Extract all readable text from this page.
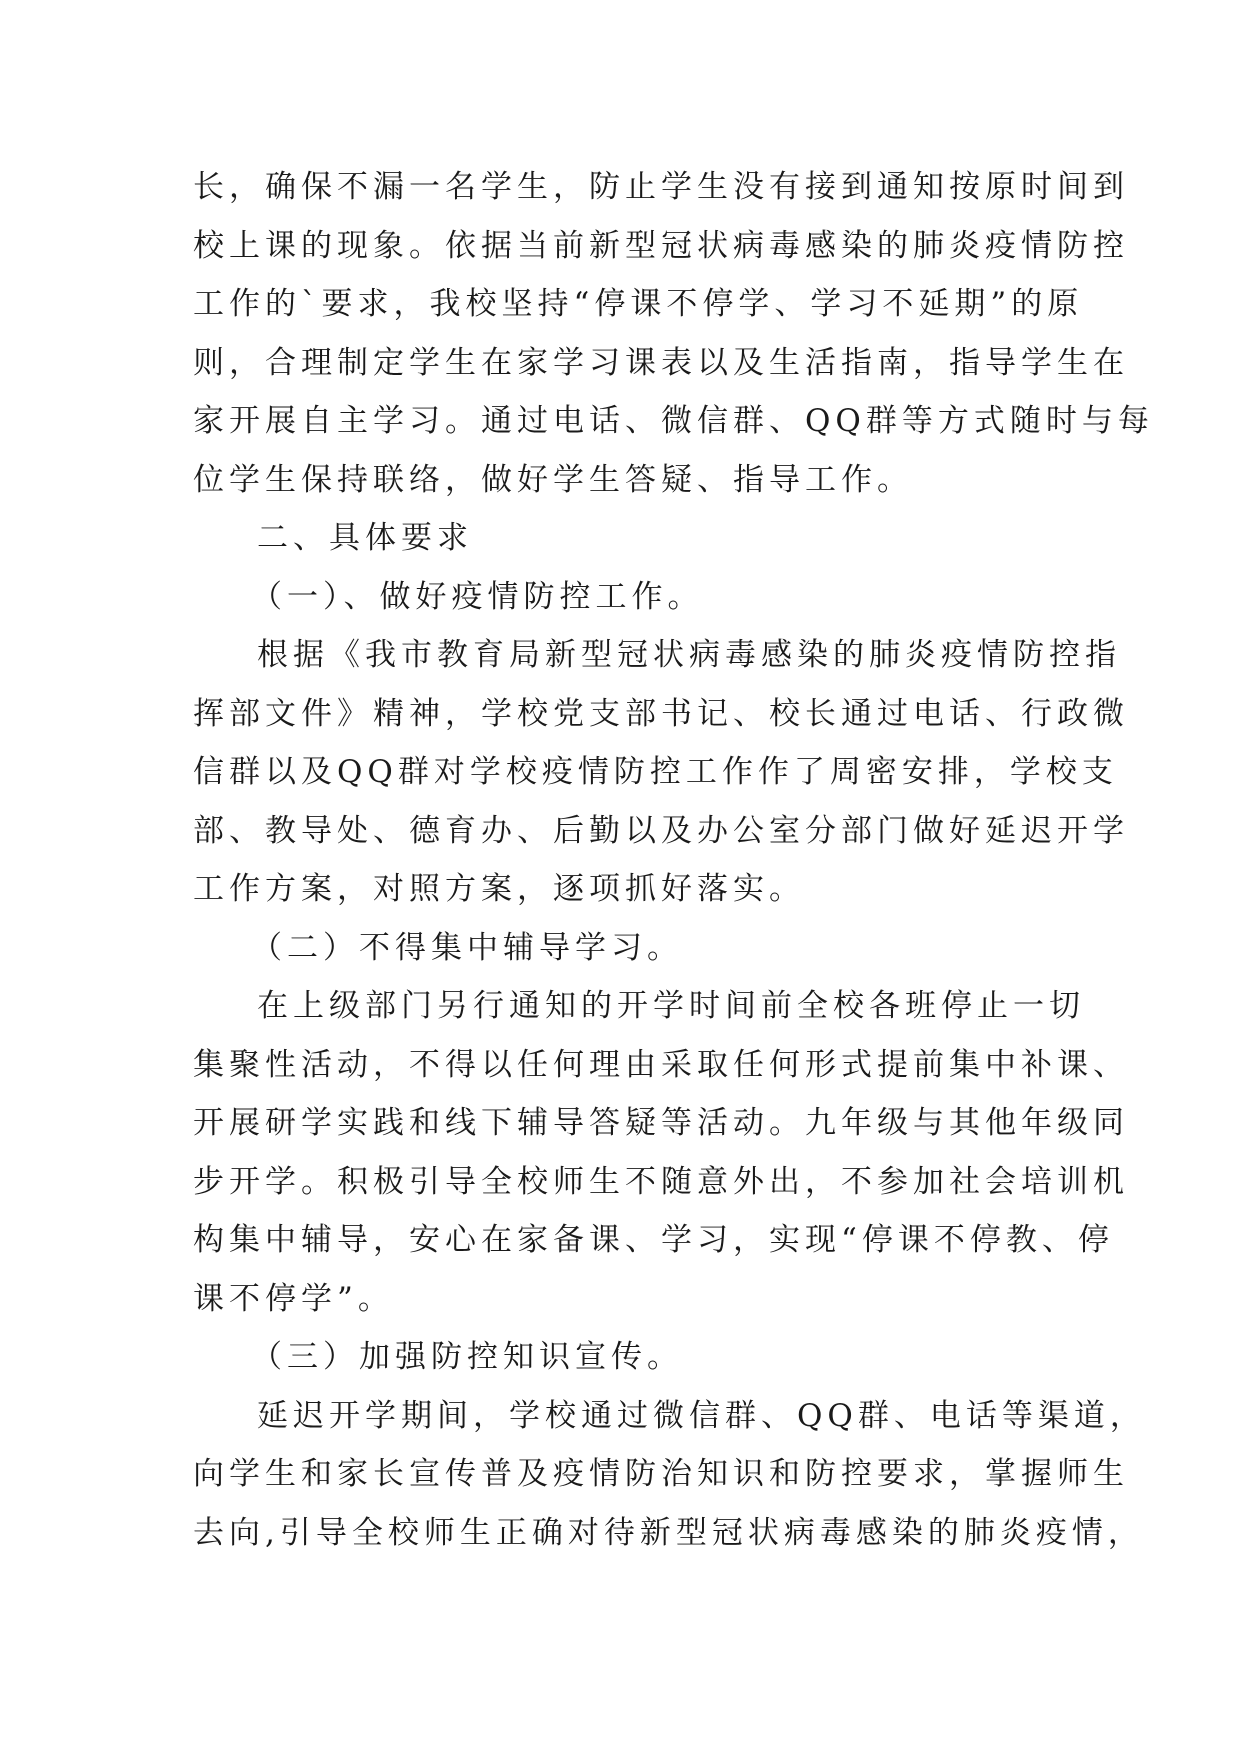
长，确保不漏一名学生，防止学生没有接到通知按原时间到
校上课的现象。依据当前新型冠状病毒感染的肺炎疫情防控
工作的`要求，我校坚持“停课不停学、学习不延期”的原
则，合理制定学生在家学习课表以及生活指南，指导学生在
家开展自主学习。通过电话、微信群、QQ群等方式随时与每
位学生保持联络，做好学生答疑、指导工作。
二、具体要求
（一）、做好疫情防控工作。
根据《我市教育局新型冠状病毒感染的肺炎疫情防控指
挥部文件》精神，学校党支部书记、校长通过电话、行政微
信群以及QQ群对学校疫情防控工作作了周密安排，学校支
部、教导处、德育办、后勤以及办公室分部门做好延迟开学
工作方案，对照方案，逐项抓好落实。
（二）不得集中辅导学习。
在上级部门另行通知的开学时间前全校各班停止一切
集聚性活动，不得以任何理由采取任何形式提前集中补课、
开展研学实践和线下辅导答疑等活动。九年级与其他年级同
步开学。积极引导全校师生不随意外出，不参加社会培训机
构集中辅导，安心在家备课、学习，实现“停课不停教、停
课不停学”。
（三）加强防控知识宣传。
延迟开学期间，学校通过微信群、QQ群、电话等渠道，
向学生和家长宣传普及疫情防治知识和防控要求，掌握师生
去向,引导全校师生正确对待新型冠状病毒感染的肺炎疫情，
